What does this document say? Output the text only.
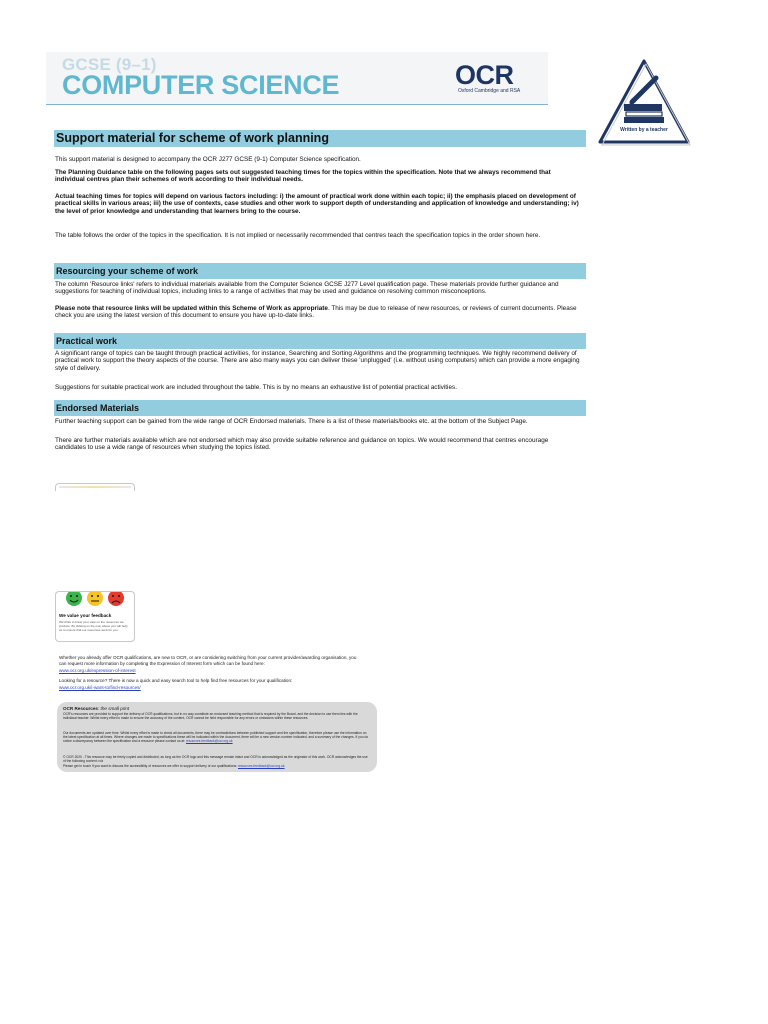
GCSE (9–1)
COMPUTER SCIENCE	OCR
Oxford Cambridge and RSA
Written by a teacher
Support material for scheme of work planning
This support material is designed to accompany the OCR J277 GCSE (9-1) Computer Science specification.
The Planning Guidance table on the following pages sets out suggested teaching times for the topics within the specification. Note that we always recommend that individual centres plan their schemes of work according to their individual needs.
Actual teaching times for topics will depend on various factors including: i) the amount of practical work done within each topic; ii) the emphasis placed on development of practical skills in various areas; iii) the use of contexts, case studies and other work to support depth of understanding and application of knowledge and understanding; iv) the level of prior knowledge and understanding that learners bring to the course.
The table follows the order of the topics in the specification. It is not implied or necessarily recommended that centres teach the specification topics in the order shown here.
Resourcing your scheme of work
The column 'Resource links' refers to individual materials available from the Computer Science GCSE J277 Level qualification page. These materials provide further guidance and suggestions for teaching of individual topics, including links to a range of activities that may be used and guidance on resolving common misconceptions.
Please note that resource links will be updated within this Scheme of Work as appropriate. This may be due to release of new resources, or reviews of current documents. Please check you are using the latest version of this document to ensure you have up-to-date links.
Practical work
A significant range of topics can be taught through practical activities, for instance, Searching and Sorting Algorithms and the programming techniques. We highly recommend delivery of practical work to support the theory aspects of the course. There are also many ways you can deliver these 'unplugged' (i.e. without using computers) which can provide a more engaging style of delivery.
Suggestions for suitable practical work are included throughout the table. This is by no means an exhaustive list of potential practical activities.
Endorsed Materials
Further teaching support can be gained from the wide range of OCR Endorsed materials. There is a list of these materials/books etc. at the bottom of the Subject Page.
There are further materials available which are not endorsed which may also provide suitable reference and guidance on topics. We would recommend that centres encourage candidates to use a wide range of resources when studying the topics listed.
We value your feedback
We'd like to know your view on the resources we produce. By clicking on the icon above you will help us to ensure that our resources work for you.
Whether you already offer OCR qualifications, are new to OCR, or are considering switching from your current provider/awarding organisation, you can request more information by completing the Expression of Interest form which can be found here:
www.ocr.org.uk/expression-of-interest
Looking for a resource? There is now a quick and easy search tool to help find free resources for your qualification:
www.ocr.org.uk/i-want-to/find-resources/

OCR Resources: the small print

OCR's resources are provided to support the delivery of OCR qualifications, but in no way constitute an endorsed teaching method that is required by the Board, and the decision to use them lies with the individual teacher. Whilst every effort is made to ensure the accuracy of the content, OCR cannot be held responsible for any errors or omissions within these resources.

Our documents are updated over time. Whilst every effort is made to check all documents, there may be contradictions between published support and the specification, therefore please use the information on the latest specification at all times. Where changes are made to specifications these will be indicated within the document, there will be a new version number indicated, and a summary of the changes. If you do notice a discrepancy between the specification and a resource please contact us at: resources.feedback@ocr.org.uk

© OCR 2020 - This resource may be freely copied and distributed, as long as the OCR logo and this message remain intact and OCR is acknowledged as the originator of this work. OCR acknowledges the use of the following content: n/a

Please get in touch if you want to discuss the accessibility of resources we offer to support delivery of our qualifications: resources.feedback@ocr.org.uk
